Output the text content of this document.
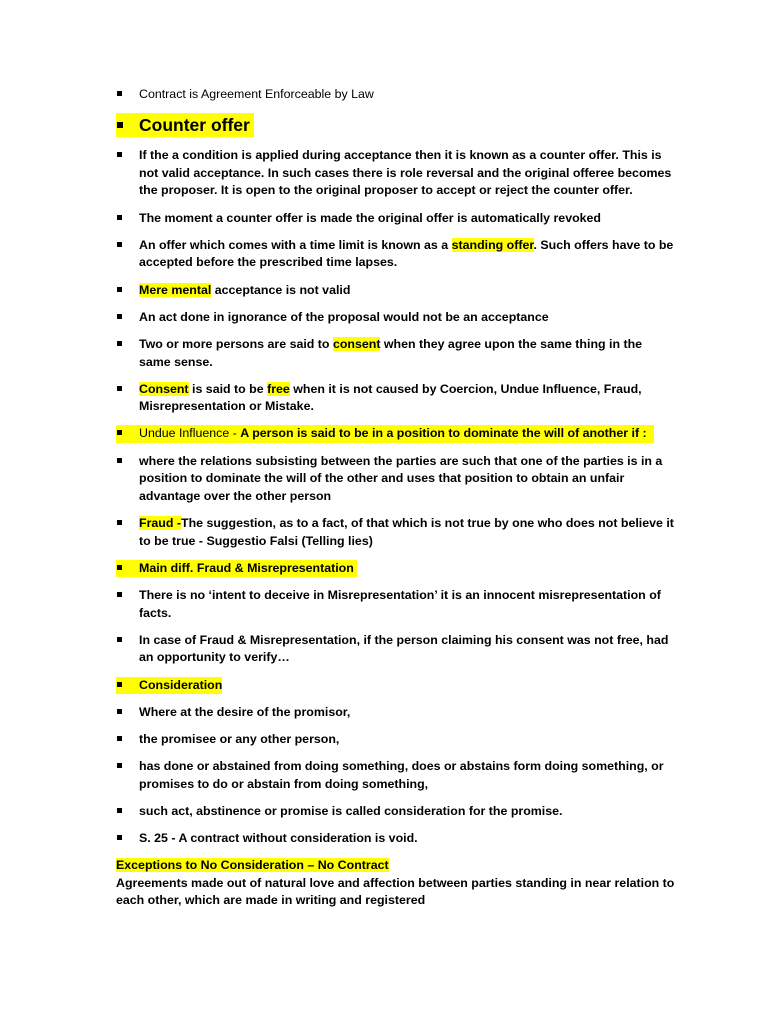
Contract is Agreement Enforceable by Law
Counter offer
If the a condition is applied during acceptance then it is known as a counter offer. This is not valid acceptance. In such cases there is role reversal and the original offeree becomes the proposer. It is open to the original proposer to accept or reject the counter offer.
The moment a counter offer is made the original offer is automatically revoked
An offer which comes with a time limit is known as a standing offer. Such offers have to be accepted before the prescribed time lapses.
Mere mental acceptance is not valid
An act done in ignorance of the proposal would not be an acceptance
Two or more persons are said to consent when they agree upon the same thing in the same sense.
Consent is said to be free when it is not caused by Coercion, Undue Influence, Fraud, Misrepresentation or Mistake.
Undue Influence - A person is said to be in a position to dominate the will of another if :
where the relations subsisting between the parties are such that one of the parties is in a position to dominate the will of the other and uses that position to obtain an unfair advantage over the other person
Fraud -The suggestion, as to a fact, of that which is not true by one who does not believe it to be true - Suggestio Falsi (Telling lies)
Main diff. Fraud & Misrepresentation
There is no ‘intent to deceive in Misrepresentation’ it is an innocent misrepresentation of facts.
In case of Fraud & Misrepresentation, if the person claiming his consent was not free, had an opportunity to verify…
Consideration
Where at the desire of the promisor,
the promisee or any other person,
has done or abstained from doing something, does or abstains form doing something, or promises to do or abstain from doing something,
such act, abstinence or promise is called consideration for the promise.
S. 25 - A contract without consideration is void.
Exceptions to No Consideration – No Contract
Agreements made out of natural love and affection between parties standing in near relation to each other, which are made in writing and registered
